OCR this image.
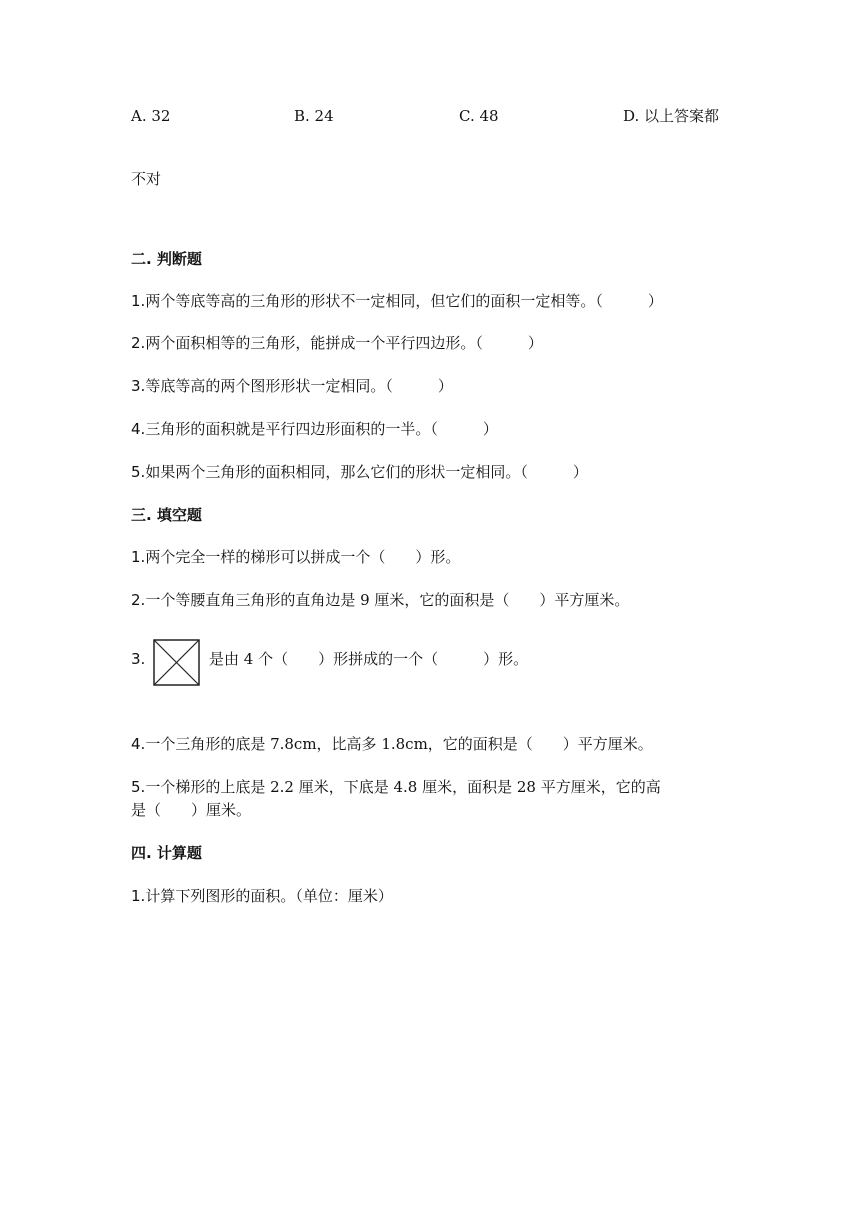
A. 32	B. 24	C. 48	D. 以上答案都
不对
二. 判断题
1.两个等底等高的三角形的形状不一定相同，但它们的面积一定相等。（　　　）
2.两个面积相等的三角形，能拼成一个平行四边形。（　　　）
3.等底等高的两个图形形状一定相同。（　　　）
4.三角形的面积就是平行四边形面积的一半。（　　　）
5.如果两个三角形的面积相同，那么它们的形状一定相同。（　　　）
三. 填空题
1.两个完全一样的梯形可以拼成一个（　　）形。
2.一个等腰直角三角形的直角边是 9 厘米，它的面积是（　　）平方厘米。
3.	是由 4 个（　　）形拼成的一个（　　　）形。
4.一个三角形的底是 7.8cm，比高多 1.8cm，它的面积是（　　）平方厘米。
5.一个梯形的上底是 2.2 厘米，下底是 4.8 厘米，面积是 28 平方厘米，它的高
是（　　）厘米。
四. 计算题
1.计算下列图形的面积。（单位：厘米）
